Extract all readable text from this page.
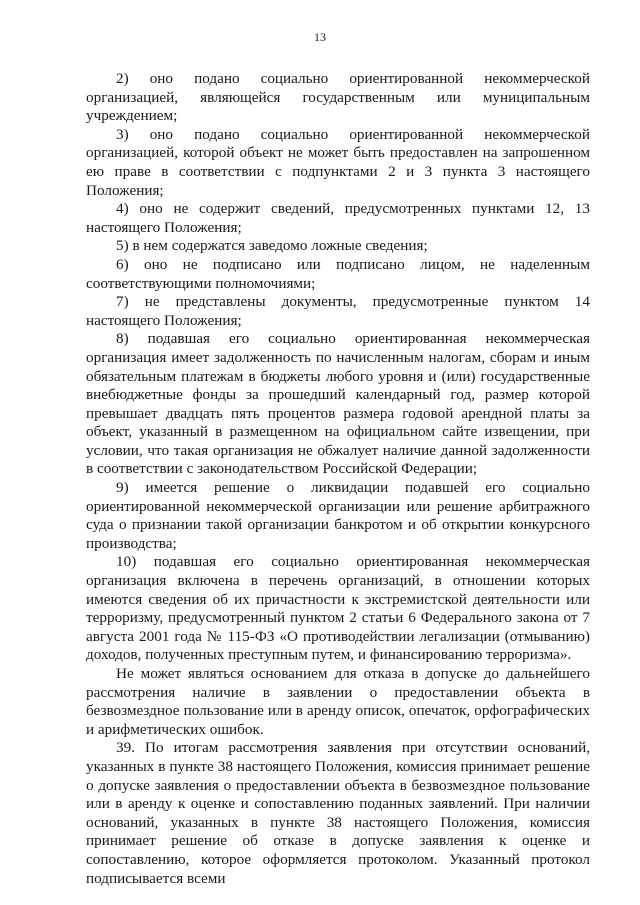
13

2) оно подано социально ориентированной некоммерческой организацией, являющейся государственным или муниципальным учреждением;

3) оно подано социально ориентированной некоммерческой организацией, которой объект не может быть предоставлен на запрошенном ею праве в соответствии с подпунктами 2 и 3 пункта 3 настоящего Положения;

4) оно не содержит сведений, предусмотренных пунктами 12, 13 настоящего Положения;

5) в нем содержатся заведомо ложные сведения;

6) оно не подписано или подписано лицом, не наделенным соответствующими полномочиями;

7) не представлены документы, предусмотренные пунктом 14 настоящего Положения;

8) подавшая его социально ориентированная некоммерческая организация имеет задолженность по начисленным налогам, сборам и иным обязательным платежам в бюджеты любого уровня и (или) государственные внебюджетные фонды за прошедший календарный год, размер которой превышает двадцать пять процентов размера годовой арендной платы за объект, указанный в размещенном на официальном сайте извещении, при условии, что такая организация не обжалует наличие данной задолженности в соответствии с законодательством Российской Федерации;

9) имеется решение о ликвидации подавшей его социально ориентированной некоммерческой организации или решение арбитражного суда о признании такой организации банкротом и об открытии конкурсного производства;

10) подавшая его социально ориентированная некоммерческая организация включена в перечень организаций, в отношении которых имеются сведения об их причастности к экстремистской деятельности или терроризму, предусмотренный пунктом 2 статьи 6 Федерального закона от 7 августа 2001 года № 115-ФЗ «О противодействии легализации (отмыванию) доходов, полученных преступным путем, и финансированию терроризма».

Не может являться основанием для отказа в допуске до дальнейшего рассмотрения наличие в заявлении о предоставлении объекта в безвозмездное пользование или в аренду описок, опечаток, орфографических и арифметических ошибок.

39. По итогам рассмотрения заявления при отсутствии оснований, указанных в пункте 38 настоящего Положения, комиссия принимает решение о допуске заявления о предоставлении объекта в безвозмездное пользование или в аренду к оценке и сопоставлению поданных заявлений. При наличии оснований, указанных в пункте 38 настоящего Положения, комиссия принимает решение об отказе в допуске заявления к оценке и сопоставлению, которое оформляется протоколом. Указанный протокол подписывается всеми
